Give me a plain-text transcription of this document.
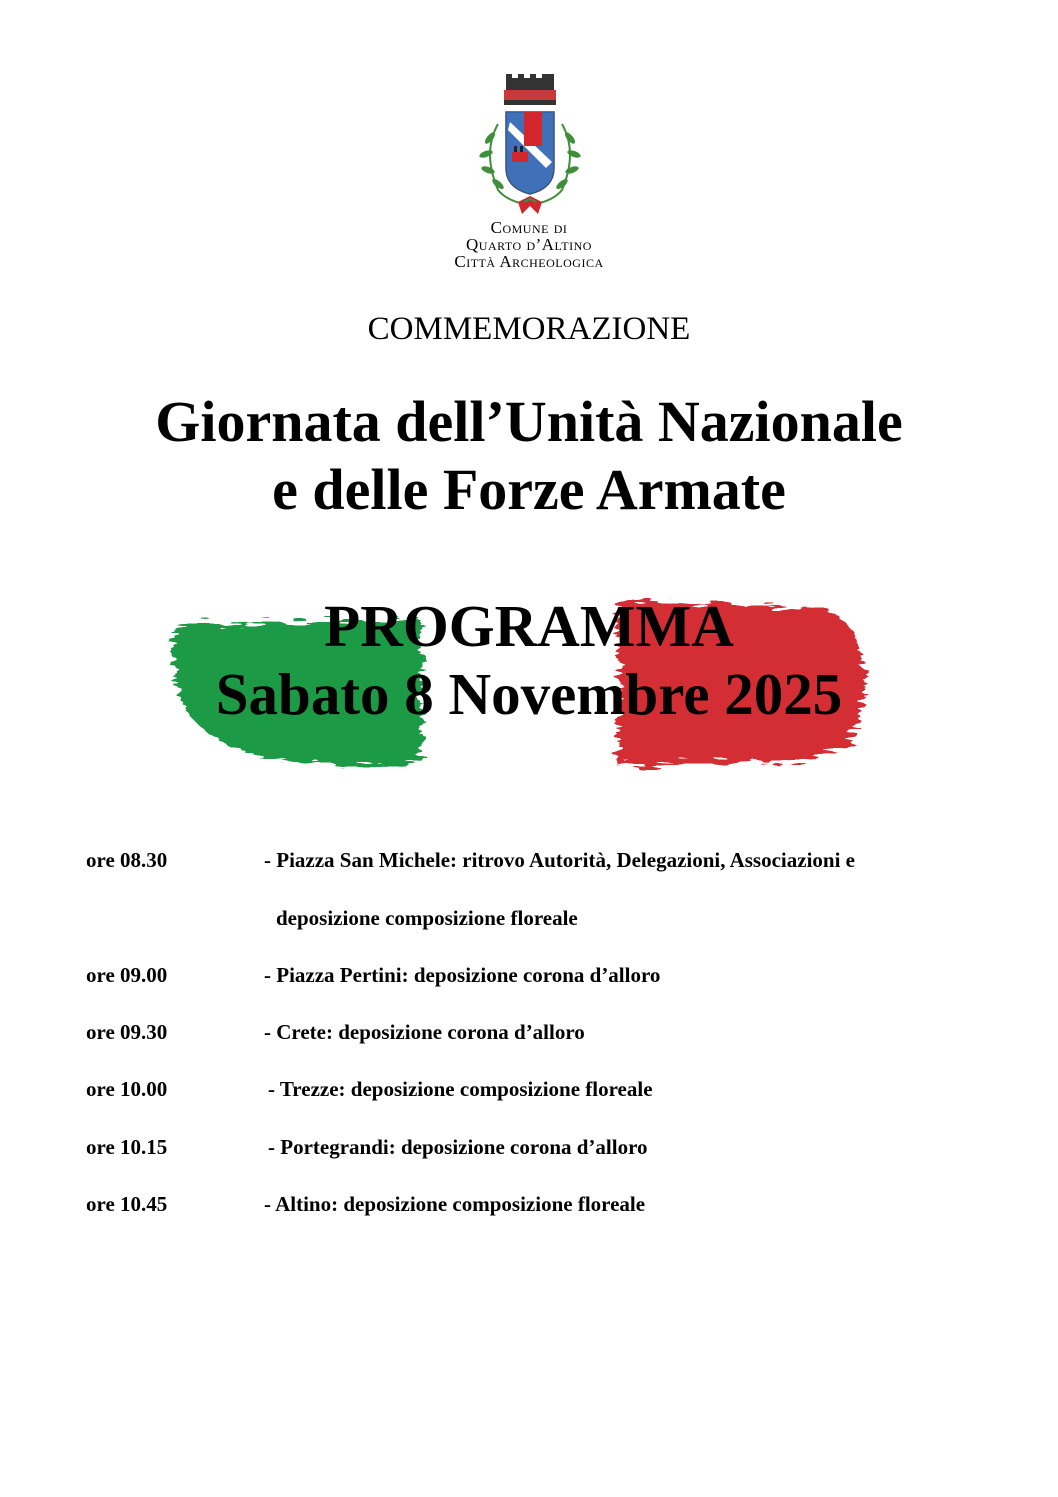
Comune di
Quarto d’Altino
Città Archeologica
COMMEMORAZIONE
Giornata dell’Unità Nazionale
e delle Forze Armate
PROGRAMMA
Sabato 8 Novembre 2025
ore 08.30	- Piazza San Michele: ritrovo Autorità, Delegazioni, Associazioni e
deposizione composizione floreale
ore 09.00	- Piazza Pertini: deposizione corona d’alloro
ore 09.30	- Crete: deposizione corona d’alloro
ore 10.00	- Trezze: deposizione composizione floreale
ore 10.15	- Portegrandi: deposizione corona d’alloro
ore 10.45	- Altino: deposizione composizione floreale
